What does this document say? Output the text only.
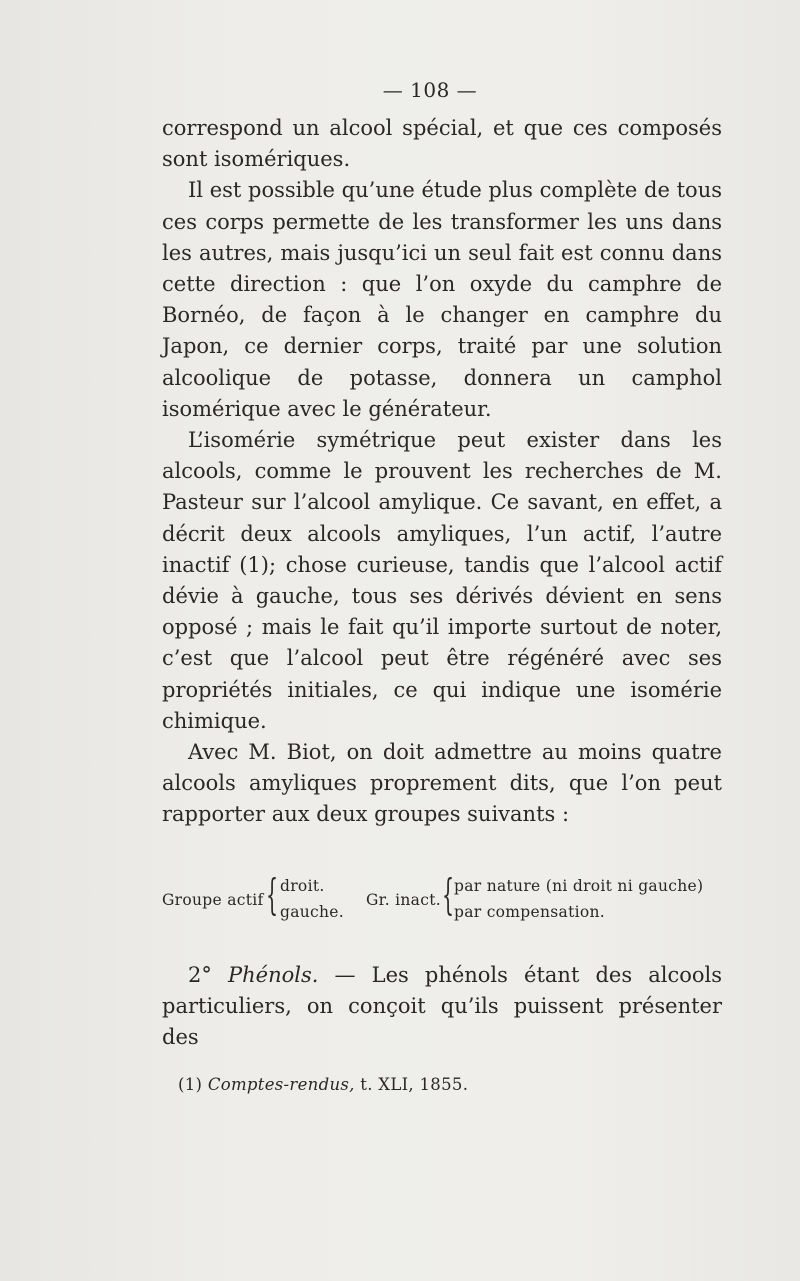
— 108 —

correspond un alcool spécial, et que ces composés sont isomériques.

Il est possible qu’une étude plus complète de tous ces corps permette de les transformer les uns dans les autres, mais jusqu’ici un seul fait est connu dans cette direction : que l’on oxyde du camphre de Bornéo, de façon à le changer en camphre du Japon, ce dernier corps, traité par une solution alcoolique de potasse, donnera un camphol isomérique avec le générateur.

L’isomérie symétrique peut exister dans les alcools, comme le prouvent les recherches de M. Pasteur sur l’alcool amylique. Ce savant, en effet, a décrit deux alcools amyliques, l’un actif, l’autre inactif (1); chose curieuse, tandis que l’alcool actif dévie à gauche, tous ses dérivés dévient en sens opposé ; mais le fait qu’il importe surtout de noter, c’est que l’alcool peut être régénéré avec ses propriétés initiales, ce qui indique une isomérie chimique.

Avec M. Biot, on doit admettre au moins quatre alcools amyliques proprement dits, que l’on peut rapporter aux deux groupes suivants :

Groupe actif { droit.
gauche.
Gr. inact. { par nature (ni droit ni gauche)
par compensation.

2° Phénols. — Les phénols étant des alcools particuliers, on conçoit qu’ils puissent présenter des

(1) Comptes-rendus, t. XLI, 1855.
